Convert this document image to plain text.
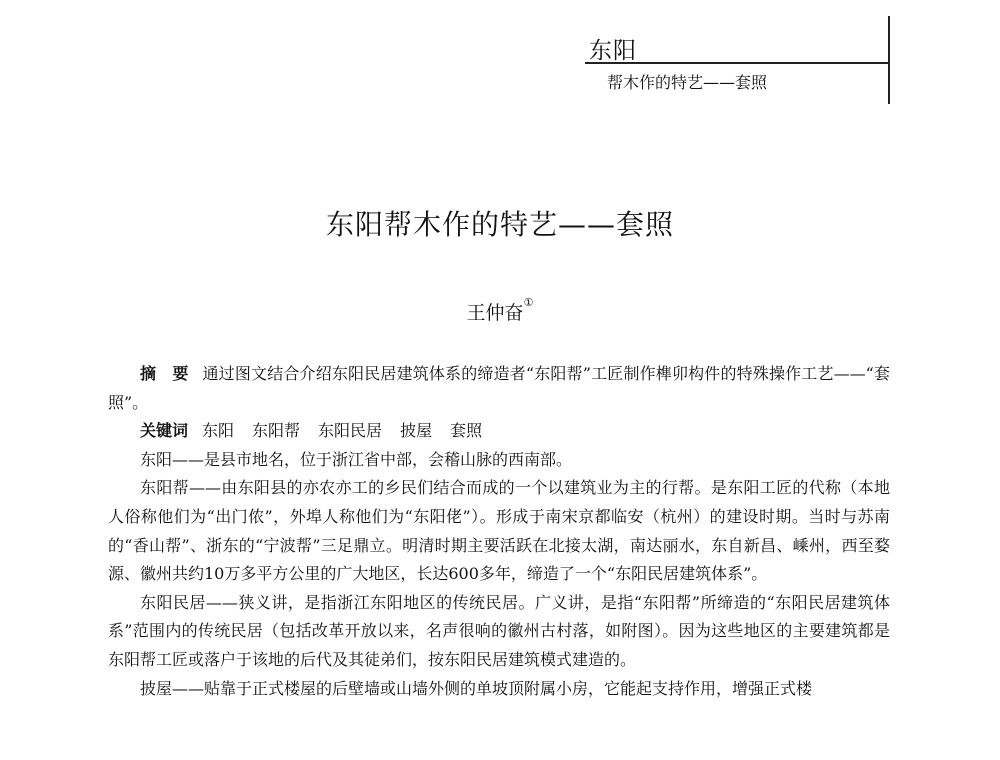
东阳
帮木作的特艺——套照
东阳帮木作的特艺——套照
王仲奋①

摘　要 通过图文结合介绍东阳民居建筑体系的缔造者“东阳帮”工匠制作榫卯构件的特殊操作工艺——“套照”。

关键词 东阳 东阳帮 东阳民居 披屋 套照

东阳——是县市地名，位于浙江省中部，会稽山脉的西南部。

东阳帮——由东阳县的亦农亦工的乡民们结合而成的一个以建筑业为主的行帮。是东阳工匠的代称（本地人俗称他们为“出门侬”，外埠人称他们为“东阳佬”）。形成于南宋京都临安（杭州）的建设时期。当时与苏南的“香山帮”、浙东的“宁波帮”三足鼎立。明清时期主要活跃在北接太湖，南达丽水，东自新昌、嵊州，西至婺源、徽州共约10万多平方公里的广大地区，长达600多年，缔造了一个“东阳民居建筑体系”。

东阳民居——狭义讲，是指浙江东阳地区的传统民居。广义讲，是指“东阳帮”所缔造的“东阳民居建筑体系”范围内的传统民居（包括改革开放以来，名声很响的徽州古村落，如附图）。因为这些地区的主要建筑都是东阳帮工匠或落户于该地的后代及其徒弟们，按东阳民居建筑模式建造的。

披屋——贴靠于正式楼屋的后壁墙或山墙外侧的单坡顶附属小房，它能起支持作用，增强正式楼
